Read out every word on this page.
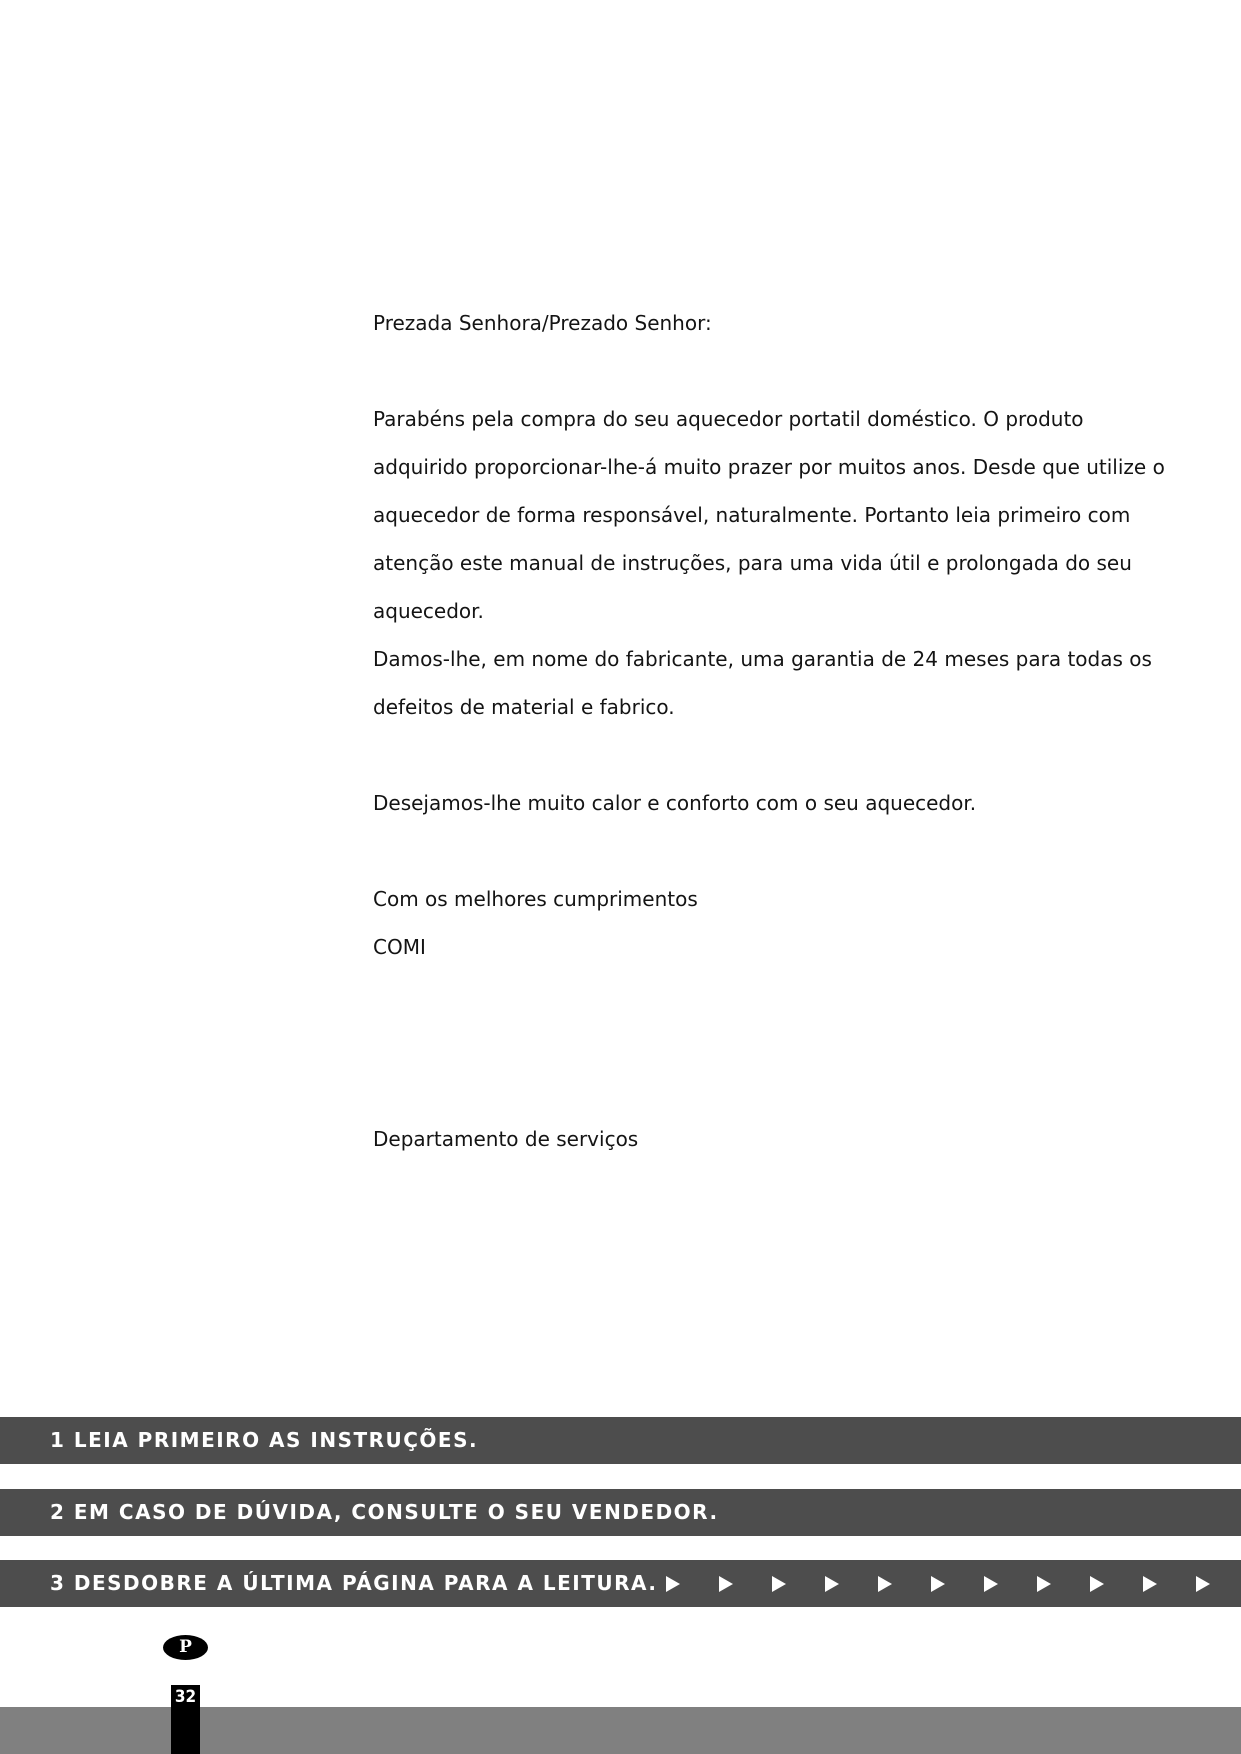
Prezada Senhora/Prezado Senhor:

Parabéns pela compra do seu aquecedor portatil doméstico. O produto

adquirido proporcionar-lhe-á muito prazer por muitos anos. Desde que utilize o

aquecedor de forma responsável, naturalmente. Portanto leia primeiro com

atenção este manual de instruções, para uma vida útil e prolongada do seu

aquecedor.

Damos-lhe, em nome do fabricante, uma garantia de 24 meses para todas os

defeitos de material e fabrico.

Desejamos-lhe muito calor e conforto com o seu aquecedor.

Com os melhores cumprimentos

COMI

Departamento de serviços

1 LEIA PRIMEIRO AS INSTRUÇÕES.
2 EM CASO DE DÚVIDA, CONSULTE O SEU VENDEDOR.
3 DESDOBRE A ÚLTIMA PÁGINA PARA A LEITURA.
P
32
